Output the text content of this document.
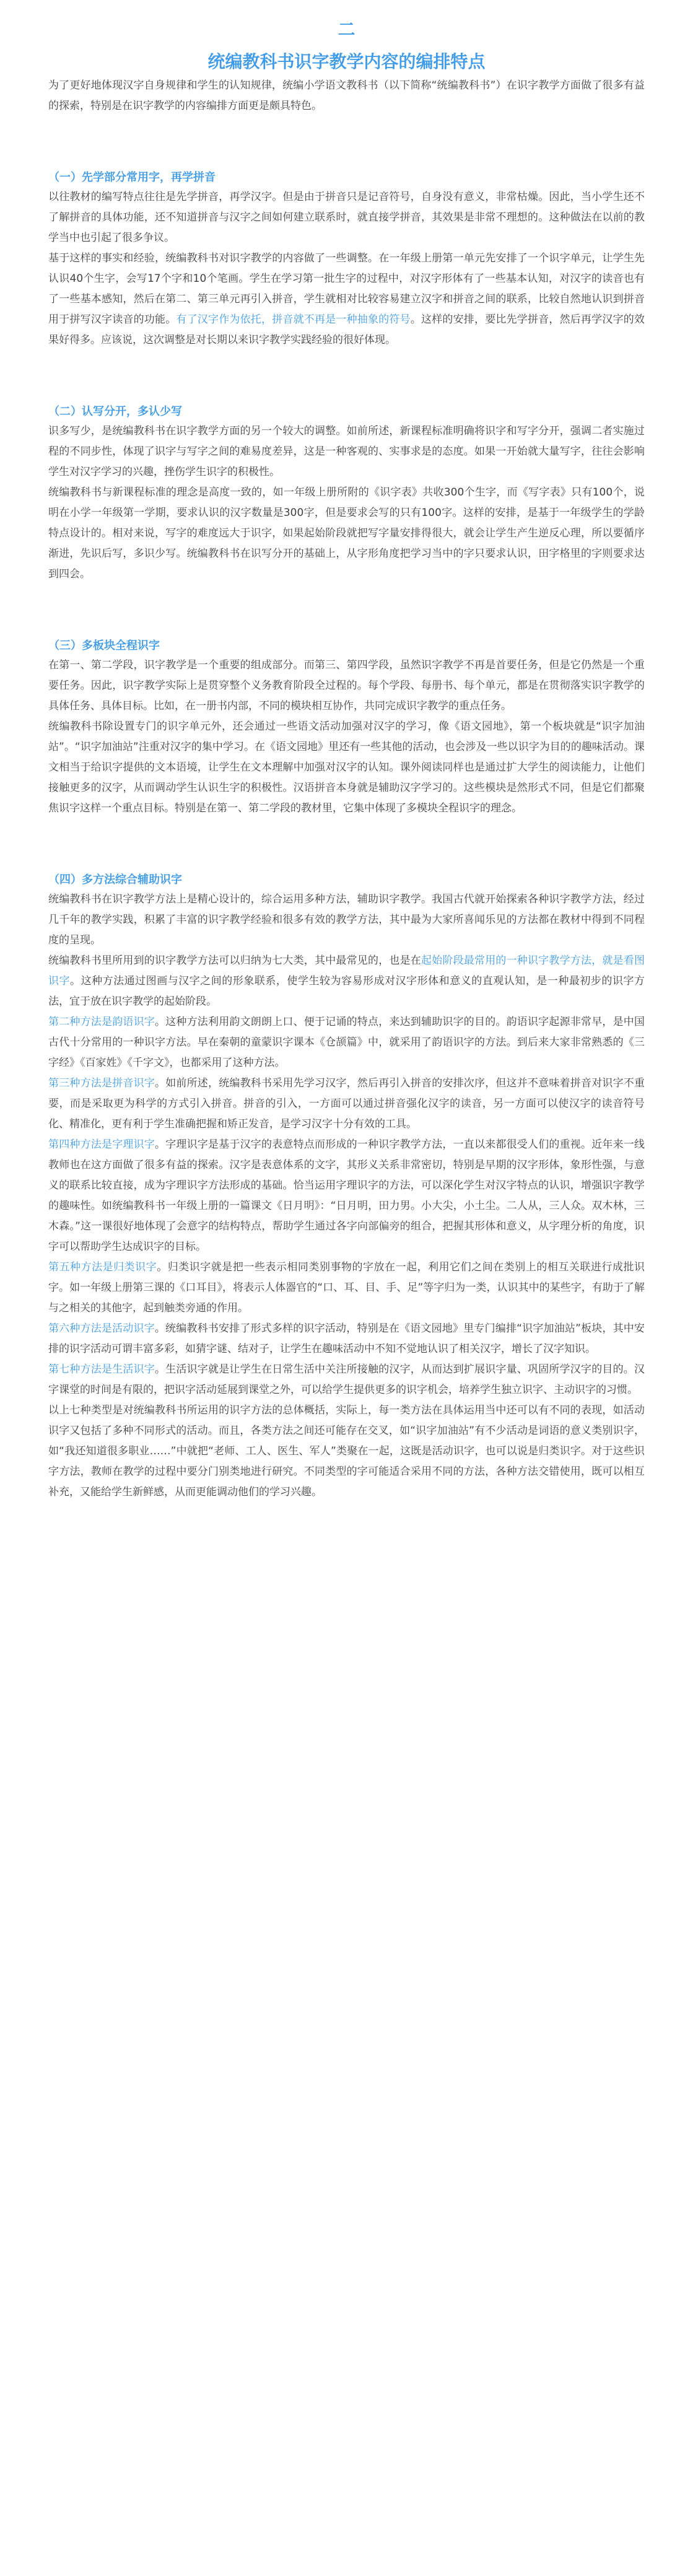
二

统编教科书识字教学内容的编排特点

为了更好地体现汉字自身规律和学生的认知规律，统编小学语文教科书（以下简称“统编教科书”）在识字教学方面做了很多有益的探索，特别是在识字教学的内容编排方面更是颇具特色。

（一）先学部分常用字，再学拼音

以往教材的编写特点往往是先学拼音，再学汉字。但是由于拼音只是记音符号，自身没有意义，非常枯燥。因此，当小学生还不了解拼音的具体功能，还不知道拼音与汉字之间如何建立联系时，就直接学拼音，其效果是非常不理想的。这种做法在以前的教学当中也引起了很多争议。

基于这样的事实和经验，统编教科书对识字教学的内容做了一些调整。在一年级上册第一单元先安排了一个识字单元，让学生先认识40个生字，会写17个字和10个笔画。学生在学习第一批生字的过程中，对汉字形体有了一些基本认知，对汉字的读音也有了一些基本感知，然后在第二、第三单元再引入拼音，学生就相对比较容易建立汉字和拼音之间的联系，比较自然地认识到拼音用于拼写汉字读音的功能。有了汉字作为依托，拼音就不再是一种抽象的符号。这样的安排，要比先学拼音，然后再学汉字的效果好得多。应该说，这次调整是对长期以来识字教学实践经验的很好体现。

（二）认写分开，多认少写

识多写少，是统编教科书在识字教学方面的另一个较大的调整。如前所述，新课程标准明确将识字和写字分开，强调二者实施过程的不同步性，体现了识字与写字之间的难易度差异，这是一种客观的、实事求是的态度。如果一开始就大量写字，往往会影响学生对汉字学习的兴趣，挫伤学生识字的积极性。

统编教科书与新课程标准的理念是高度一致的，如一年级上册所附的《识字表》共收300个生字，而《写字表》只有100个，说明在小学一年级第一学期，要求认识的汉字数量是300字，但是要求会写的只有100字。这样的安排，是基于一年级学生的学龄特点设计的。相对来说，写字的难度远大于识字，如果起始阶段就把写字量安排得很大，就会让学生产生逆反心理，所以要循序渐进，先识后写，多识少写。统编教科书在识写分开的基础上，从字形角度把学习当中的字只要求认识，田字格里的字则要求达到四会。

（三）多板块全程识字

在第一、第二学段，识字教学是一个重要的组成部分。而第三、第四学段，虽然识字教学不再是首要任务，但是它仍然是一个重要任务。因此，识字教学实际上是贯穿整个义务教育阶段全过程的。每个学段、每册书、每个单元，都是在贯彻落实识字教学的具体任务、具体目标。比如，在一册书内部，不同的模块相互协作，共同完成识字教学的重点任务。

统编教科书除设置专门的识字单元外，还会通过一些语文活动加强对汉字的学习，像《语文园地》，第一个板块就是“识字加油站”。“识字加油站”注重对汉字的集中学习。在《语文园地》里还有一些其他的活动，也会涉及一些以识字为目的的趣味活动。课文相当于给识字提供的文本语境，让学生在文本理解中加强对汉字的认知。课外阅读同样也是通过扩大学生的阅读能力，让他们接触更多的汉字，从而调动学生认识生字的积极性。汉语拼音本身就是辅助汉字学习的。这些模块是然形式不同，但是它们都聚焦识字这样一个重点目标。特别是在第一、第二学段的教材里，它集中体现了多模块全程识字的理念。

（四）多方法综合辅助识字

统编教科书在识字教学方法上是精心设计的，综合运用多种方法，辅助识字教学。我国古代就开始探索各种识字教学方法，经过几千年的教学实践，积累了丰富的识字教学经验和很多有效的教学方法，其中最为大家所喜闻乐见的方法都在教材中得到不同程度的呈现。

统编教科书里所用到的识字教学方法可以归纳为七大类，其中最常见的，也是在起始阶段最常用的一种识字教学方法，就是看图识字。这种方法通过图画与汉字之间的形象联系，使学生较为容易形成对汉字形体和意义的直观认知，是一种最初步的识字方法，宜于放在识字教学的起始阶段。

第二种方法是韵语识字。这种方法利用韵文朗朗上口、便于记诵的特点，来达到辅助识字的目的。韵语识字起源非常早，是中国古代十分常用的一种识字方法。早在秦朝的童蒙识字课本《仓颉篇》中，就采用了韵语识字的方法。到后来大家非常熟悉的《三字经》《百家姓》《千字文》，也都采用了这种方法。

第三种方法是拼音识字。如前所述，统编教科书采用先学习汉字，然后再引入拼音的安排次序，但这并不意味着拼音对识字不重要，而是采取更为科学的方式引入拼音。拼音的引入，一方面可以通过拼音强化汉字的读音，另一方面可以使汉字的读音符号化、精准化，更有利于学生准确把握和矫正发音，是学习汉字十分有效的工具。

第四种方法是字理识字。字理识字是基于汉字的表意特点而形成的一种识字教学方法，一直以来都很受人们的重视。近年来一线教师也在这方面做了很多有益的探索。汉字是表意体系的文字，其形义关系非常密切，特别是早期的汉字形体，象形性强，与意义的联系比较直接，成为字理识字方法形成的基础。恰当运用字理识字的方法，可以深化学生对汉字特点的认识，增强识字教学的趣味性。如统编教科书一年级上册的一篇课文《日月明》：“日月明，田力男。小大尖，小土尘。二人从，三人众。双木林，三木森。”这一课很好地体现了会意字的结构特点，帮助学生通过各字向部偏旁的组合，把握其形体和意义，从字理分析的角度，识字可以帮助学生达成识字的目标。

第五种方法是归类识字。归类识字就是把一些表示相同类别事物的字放在一起，利用它们之间在类别上的相互关联进行成批识字。如一年级上册第三课的《口耳目》，将表示人体器官的“口、耳、目、手、足”等字归为一类，认识其中的某些字，有助于了解与之相关的其他字，起到触类旁通的作用。

第六种方法是活动识字。统编教科书安排了形式多样的识字活动，特别是在《语文园地》里专门编排“识字加油站”板块，其中安排的识字活动可谓丰富多彩，如猜字谜、结对子，让学生在趣味活动中不知不觉地认识了相关汉字，增长了汉字知识。

第七种方法是生活识字。生活识字就是让学生在日常生活中关注所接触的汉字，从而达到扩展识字量、巩固所学汉字的目的。汉字课堂的时间是有限的，把识字活动延展到课堂之外，可以给学生提供更多的识字机会，培养学生独立识字、主动识字的习惯。

以上七种类型是对统编教科书所运用的识字方法的总体概括，实际上，每一类方法在具体运用当中还可以有不同的表现，如活动识字又包括了多种不同形式的活动。而且，各类方法之间还可能存在交叉，如“识字加油站”有不少活动是词语的意义类别识字，如“我还知道很多职业……”中就把“老师、工人、医生、军人”类聚在一起，这既是活动识字，也可以说是归类识字。对于这些识字方法，教师在教学的过程中要分门别类地进行研究。不同类型的字可能适合采用不同的方法，各种方法交错使用，既可以相互补充，又能给学生新鲜感，从而更能调动他们的学习兴趣。
